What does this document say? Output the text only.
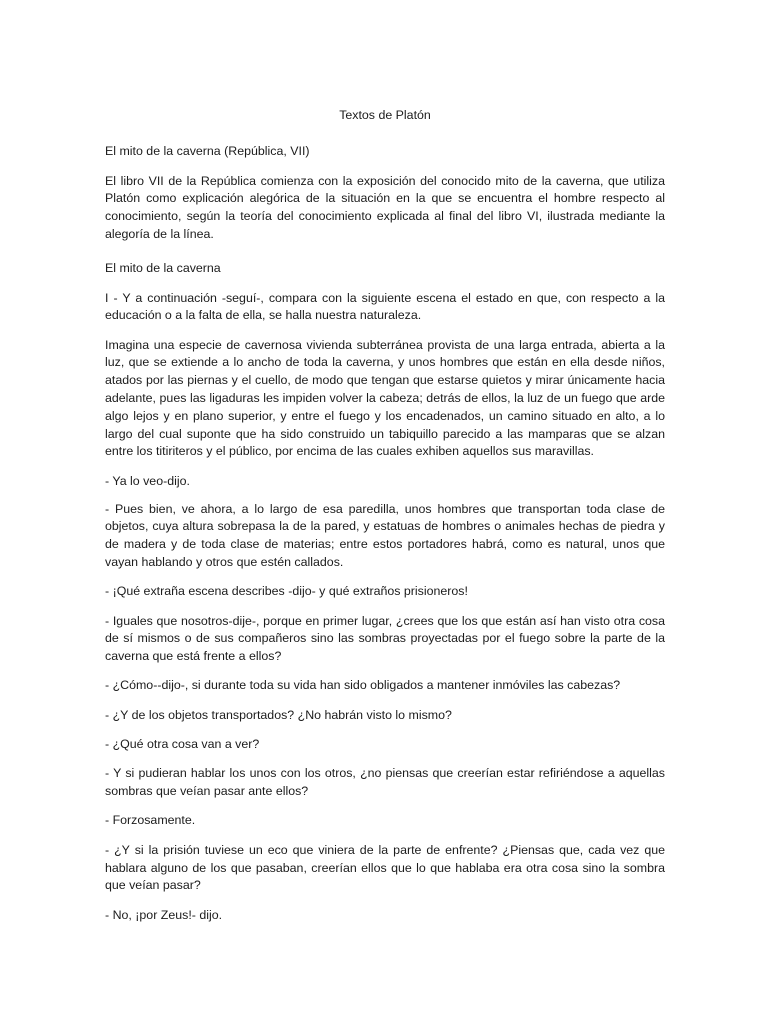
Textos de Platón
El mito de la caverna (República, VII)

El libro VII de la República comienza con la exposición del conocido mito de la caverna, que utiliza Platón como explicación alegórica de la situación en la que se encuentra el hombre respecto al conocimiento, según la teoría del conocimiento explicada al final del libro VI, ilustrada mediante la alegoría de la línea.

El mito de la caverna

I - Y a continuación -seguí-, compara con la siguiente escena el estado en que, con respecto a la educación o a la falta de ella, se halla nuestra naturaleza.

Imagina una especie de cavernosa vivienda subterránea provista de una larga entrada, abierta a la luz, que se extiende a lo ancho de toda la caverna, y unos hombres que están en ella desde niños, atados por las piernas y el cuello, de modo que tengan que estarse quietos y mirar únicamente hacia adelante, pues las ligaduras les impiden volver la cabeza; detrás de ellos, la luz de un fuego que arde algo lejos y en plano superior, y entre el fuego y los encadenados, un camino situado en alto, a lo largo del cual suponte que ha sido construido un tabiquillo parecido a las mamparas que se alzan entre los titiriteros y el público, por encima de las cuales exhiben aquellos sus maravillas.

- Ya lo veo-dijo.

- Pues bien, ve ahora, a lo largo de esa paredilla, unos hombres que transportan toda clase de objetos, cuya altura sobrepasa la de la pared, y estatuas de hombres o animales hechas de piedra y de madera y de toda clase de materias; entre estos portadores habrá, como es natural, unos que vayan hablando y otros que estén callados.

- ¡Qué extraña escena describes -dijo- y qué extraños prisioneros!

- Iguales que nosotros-dije-, porque en primer lugar, ¿crees que los que están así han visto otra cosa de sí mismos o de sus compañeros sino las sombras proyectadas por el fuego sobre la parte de la caverna que está frente a ellos?

- ¿Cómo--dijo-, si durante toda su vida han sido obligados a mantener inmóviles las cabezas?

- ¿Y de los objetos transportados? ¿No habrán visto lo mismo?

- ¿Qué otra cosa van a ver?

- Y si pudieran hablar los unos con los otros, ¿no piensas que creerían estar refiriéndose a aquellas sombras que veían pasar ante ellos?

- Forzosamente.

- ¿Y si la prisión tuviese un eco que viniera de la parte de enfrente? ¿Piensas que, cada vez que hablara alguno de los que pasaban, creerían ellos que lo que hablaba era otra cosa sino la sombra que veían pasar?

- No, ¡por Zeus!- dijo.
